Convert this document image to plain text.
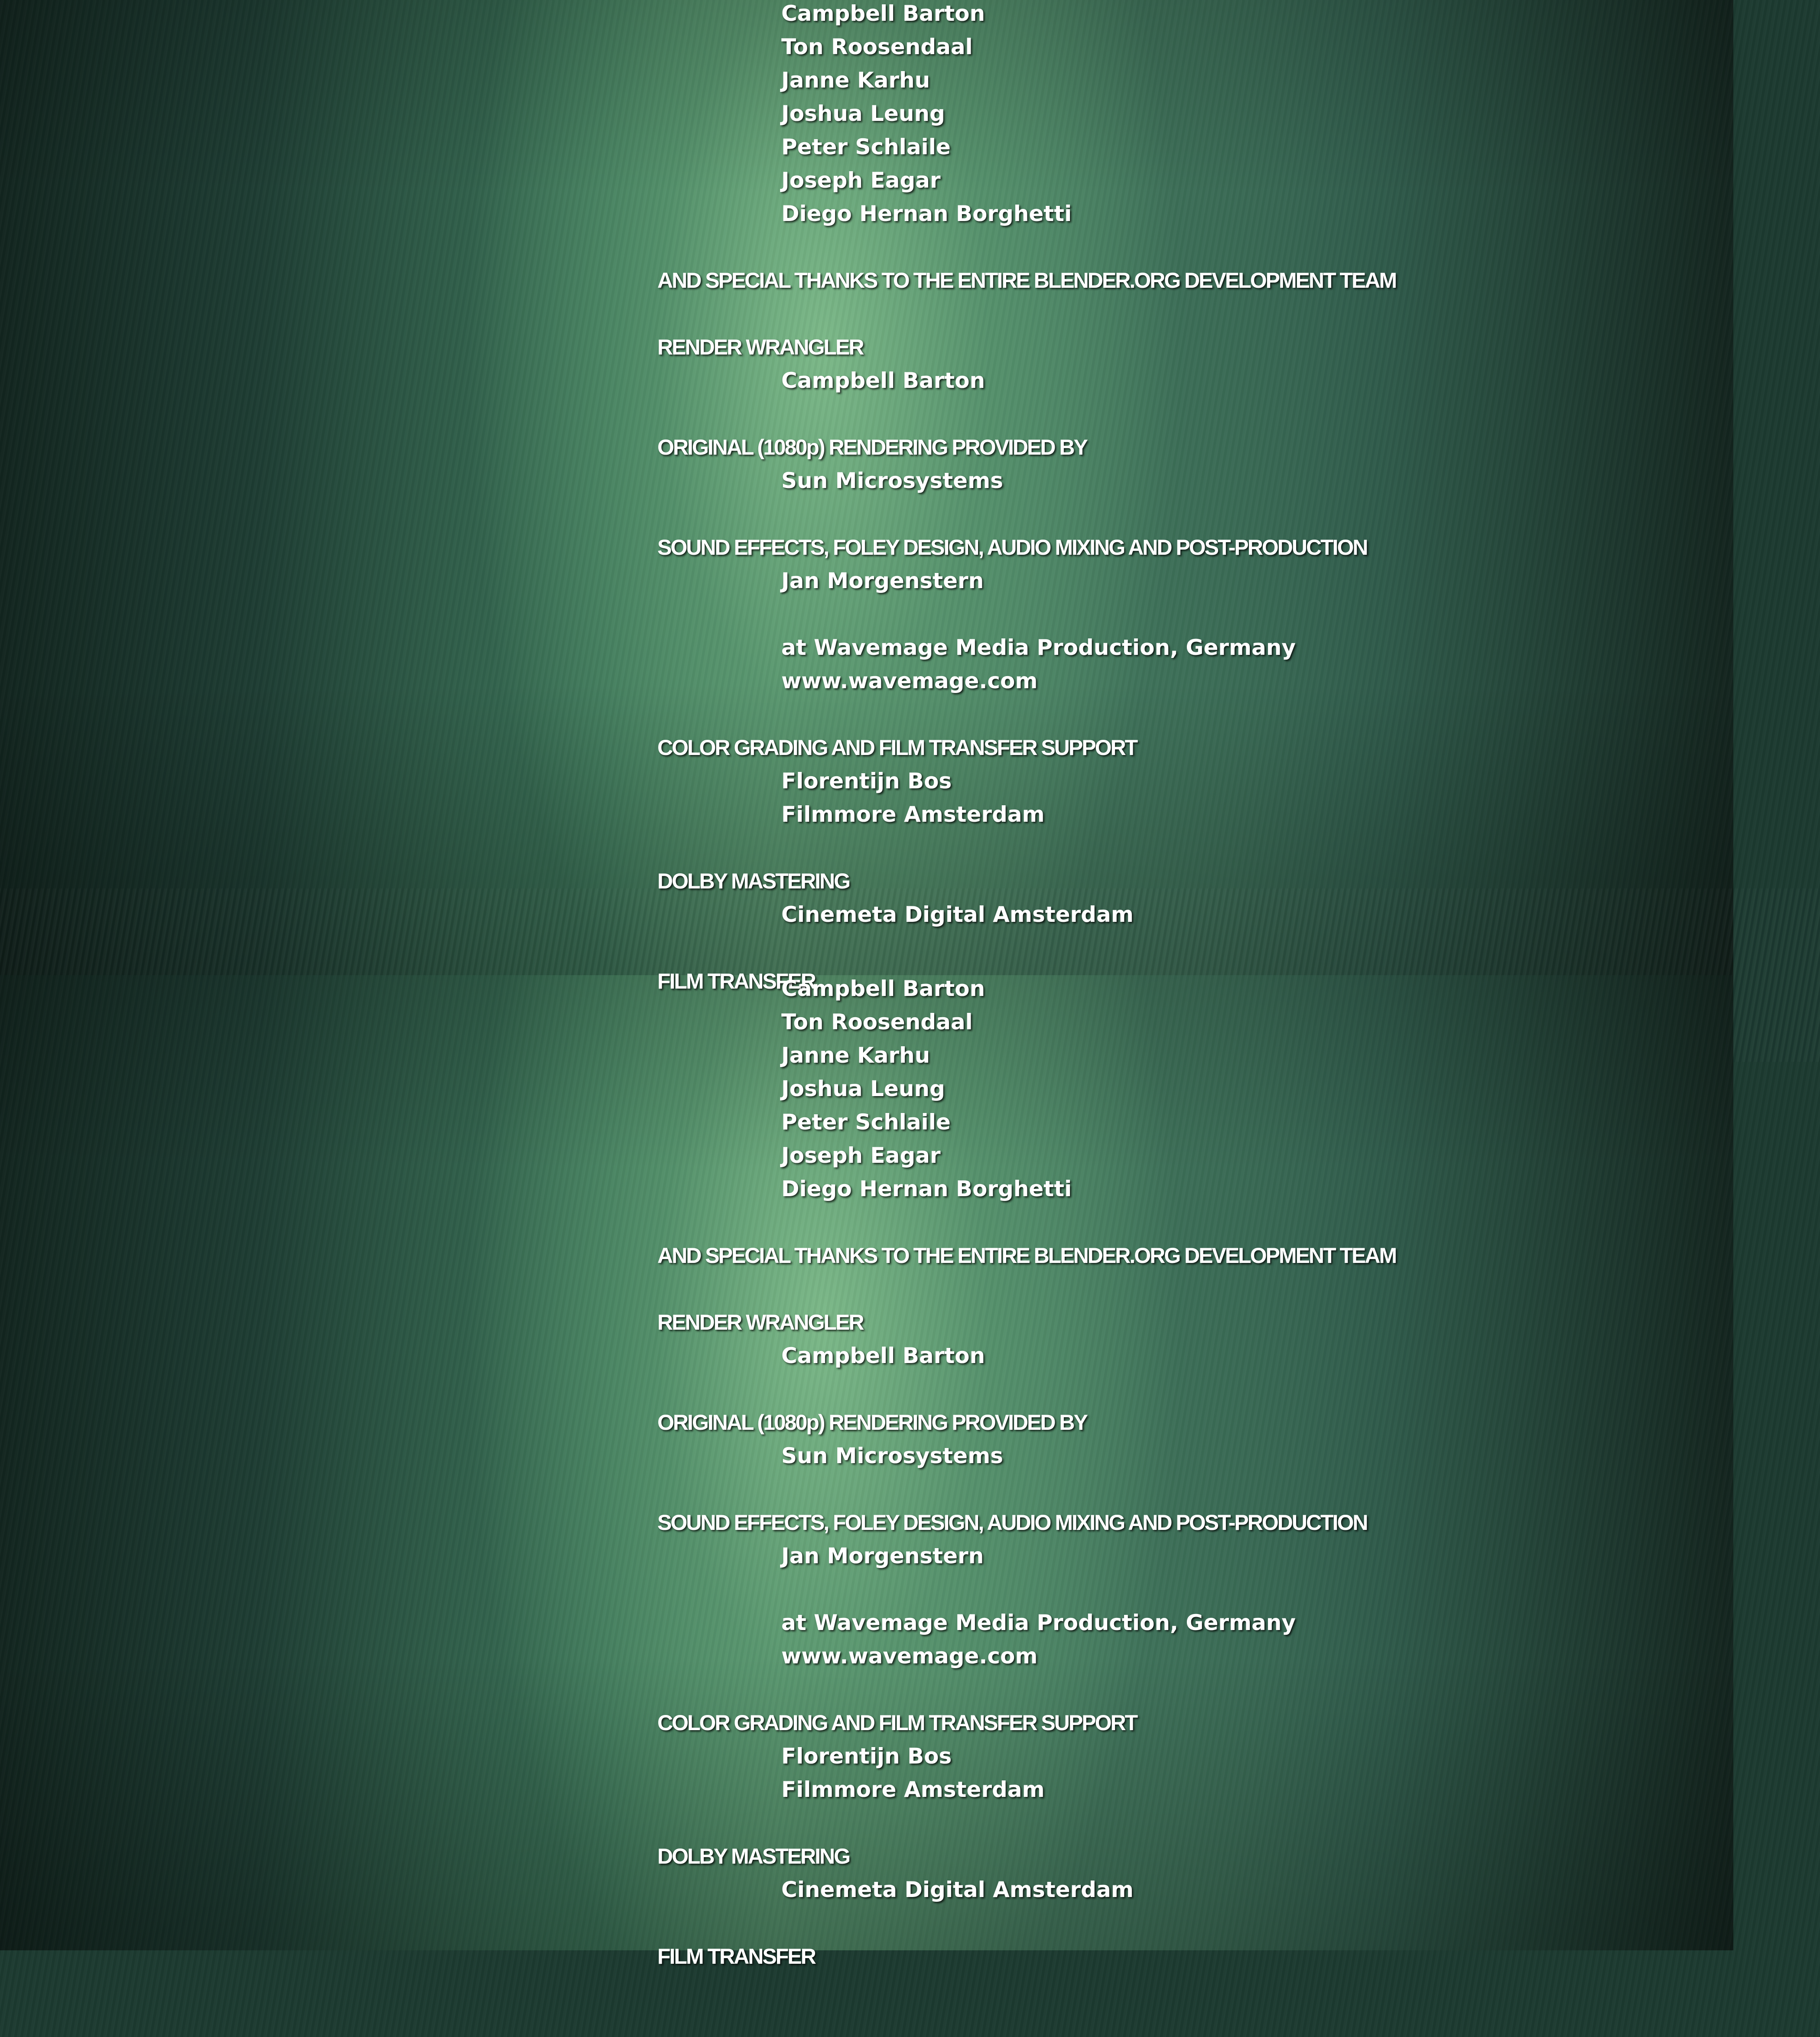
Campbell Barton
Ton Roosendaal
Janne Karhu
Joshua Leung
Peter Schlaile
Joseph Eagar
Diego Hernan Borghetti
AND SPECIAL THANKS TO THE ENTIRE BLENDER.ORG DEVELOPMENT TEAM
RENDER WRANGLER
Campbell Barton
ORIGINAL (1080p) RENDERING PROVIDED BY
Sun Microsystems
SOUND EFFECTS, FOLEY DESIGN, AUDIO MIXING AND POST-PRODUCTION
Jan Morgenstern
at Wavemage Media Production, Germany
www.wavemage.com
COLOR GRADING AND FILM TRANSFER SUPPORT
Florentijn Bos
Filmmore Amsterdam
DOLBY MASTERING
Cinemeta Digital Amsterdam
FILM TRANSFER
Campbell Barton
Ton Roosendaal
Janne Karhu
Joshua Leung
Peter Schlaile
Joseph Eagar
Diego Hernan Borghetti
AND SPECIAL THANKS TO THE ENTIRE BLENDER.ORG DEVELOPMENT TEAM
RENDER WRANGLER
Campbell Barton
ORIGINAL (1080p) RENDERING PROVIDED BY
Sun Microsystems
SOUND EFFECTS, FOLEY DESIGN, AUDIO MIXING AND POST-PRODUCTION
Jan Morgenstern
at Wavemage Media Production, Germany
www.wavemage.com
COLOR GRADING AND FILM TRANSFER SUPPORT
Florentijn Bos
Filmmore Amsterdam
DOLBY MASTERING
Cinemeta Digital Amsterdam
FILM TRANSFER
